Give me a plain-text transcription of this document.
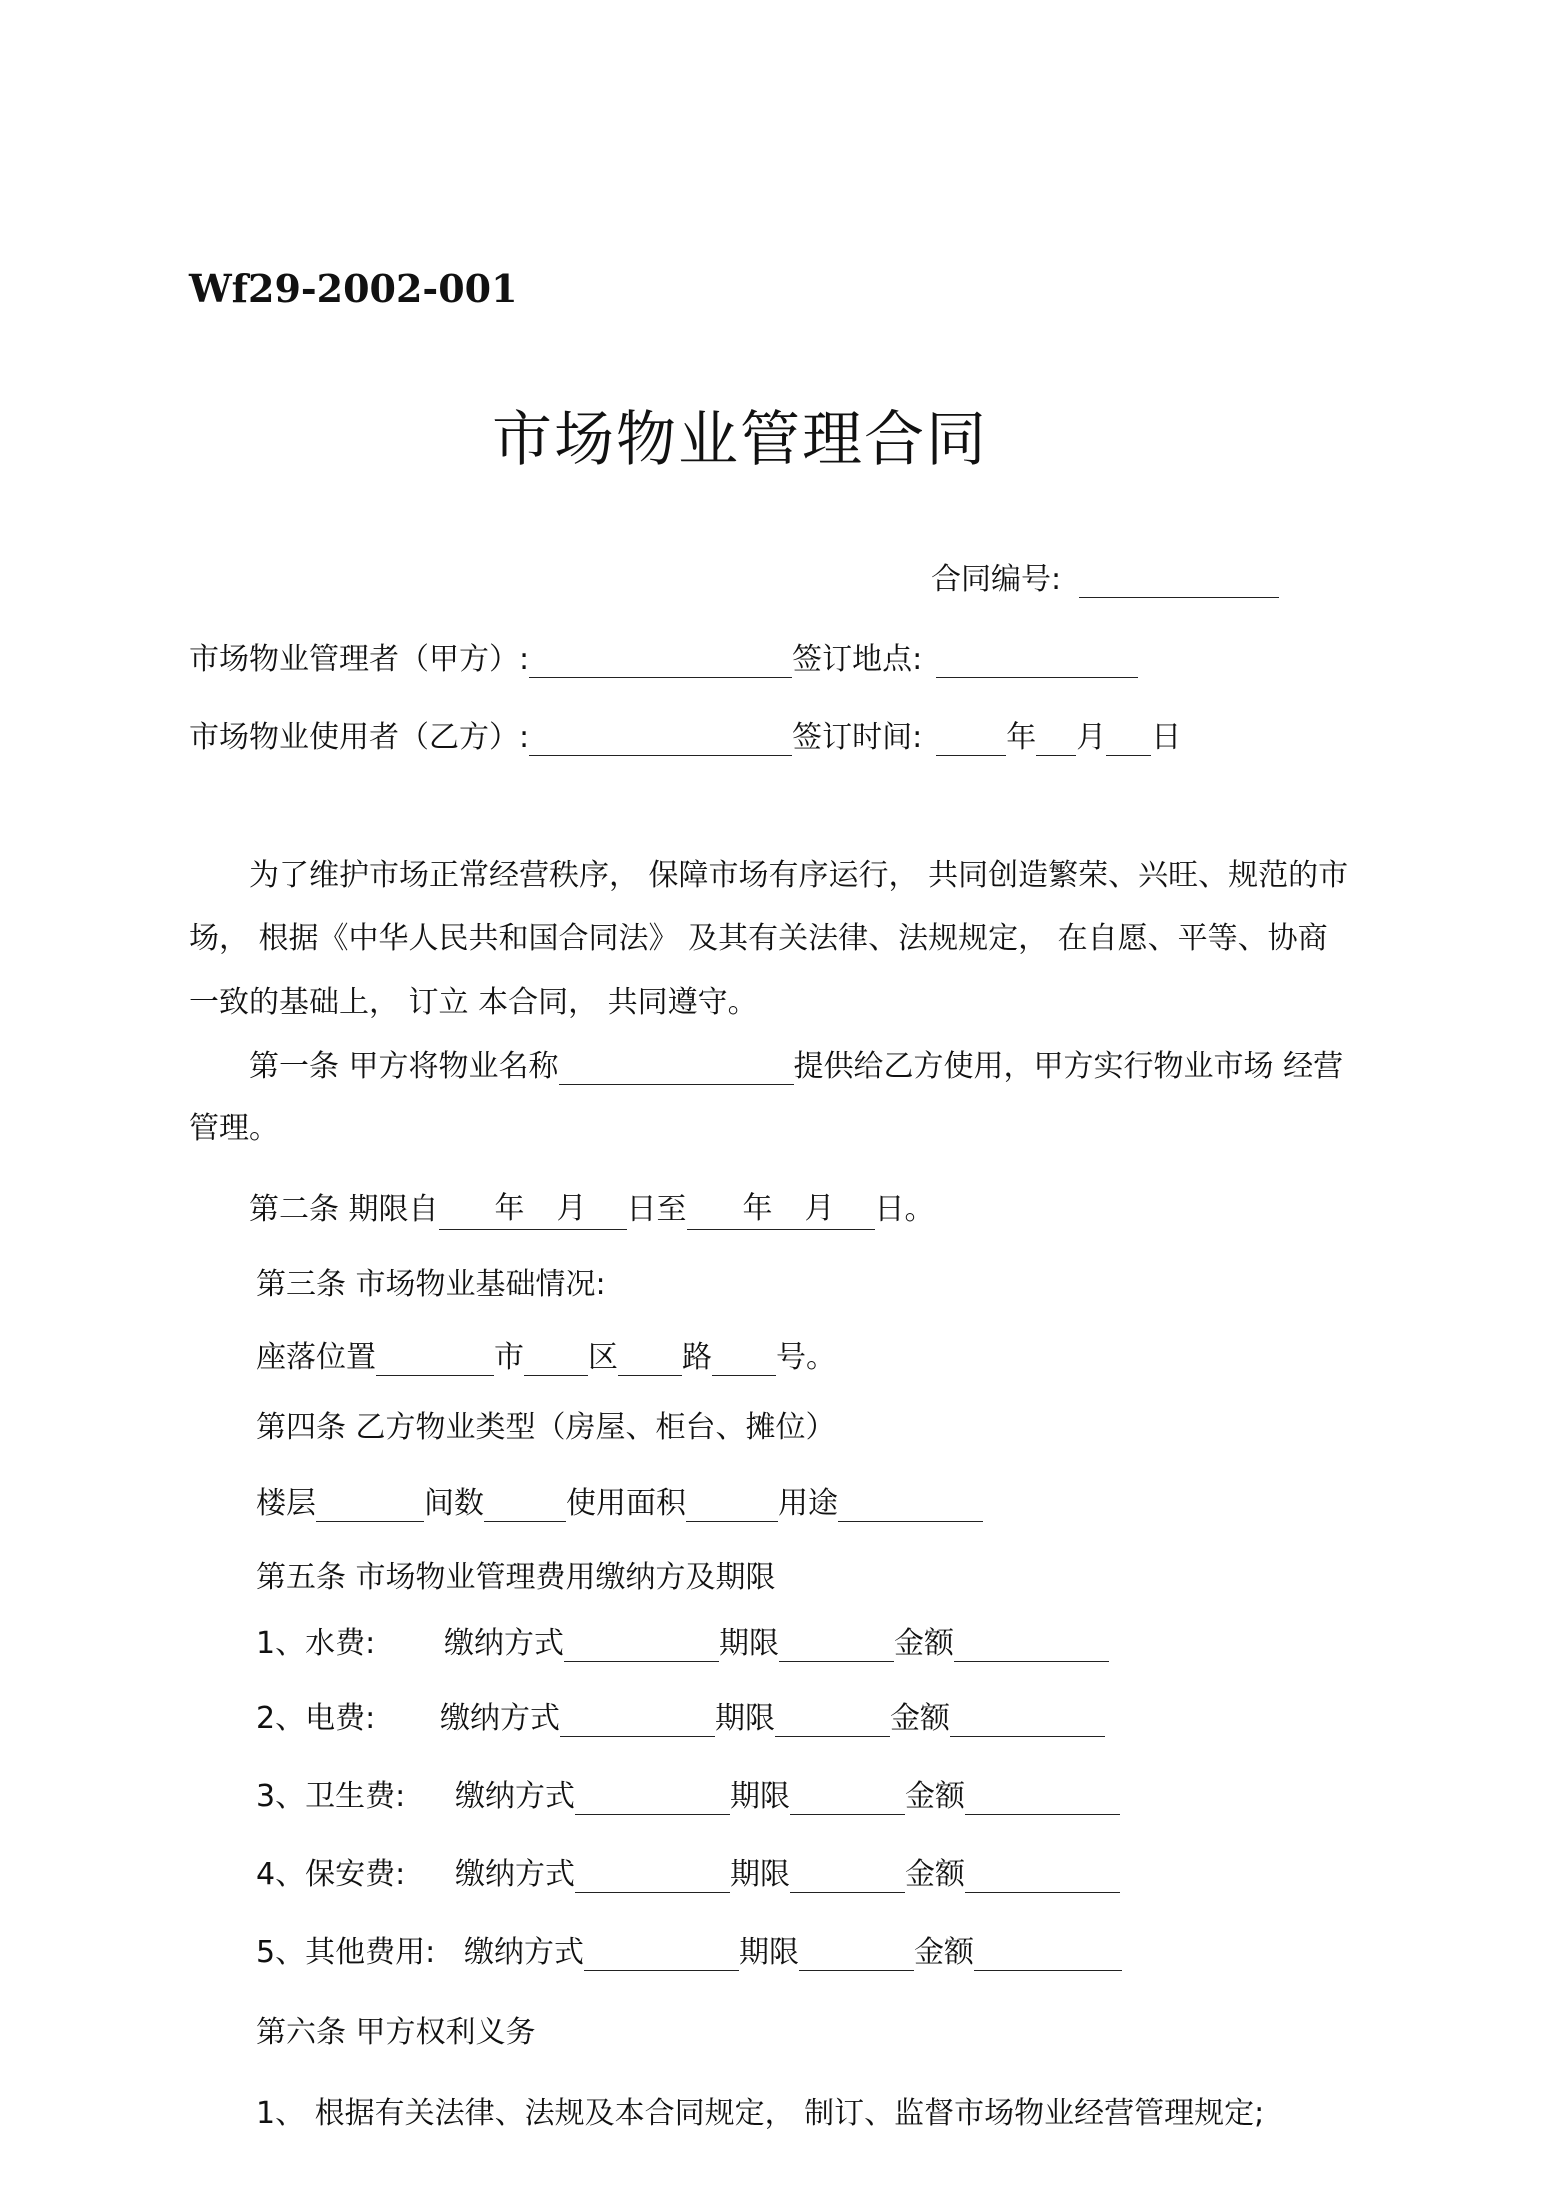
Wf29-2002-001
市场物业管理合同
合同编号:
市场物业管理者（甲方）:	签订地点:
市场物业使用者（乙方）:	签订时间:	年 月 日
为了维护市场正常经营秩序， 保障市场有序运行， 共同创造繁荣、兴旺、规范的市
场， 根据《中华人民共和国合同法》 及其有关法律、法规规定， 在自愿、平等、协商
一致的基础上， 订立 本合同， 共同遵守。
第一条 甲方将物业名称	提供给乙方使用，甲方实行物业市场 经营
管理。
第二条 期限自	年 月	日至	年 月	日。
第三条 市场物业基础情况:
座落位置	市 区 路 号。
第四条 乙方物业类型（房屋、柜台、摊位）
楼层	间数	使用面积	用途
第五条 市场物业管理费用缴纳方及期限
1、水费:	缴纳方式	期限	金额
2、电费:	缴纳方式	期限	金额
3、卫生费:	缴纳方式	期限	金额
4、保安费:	缴纳方式	期限	金额
5、其他费用: 缴纳方式	期限	金额
第六条 甲方权利义务
1、 根据有关法律、法规及本合同规定， 制订、监督市场物业经营管理规定;
